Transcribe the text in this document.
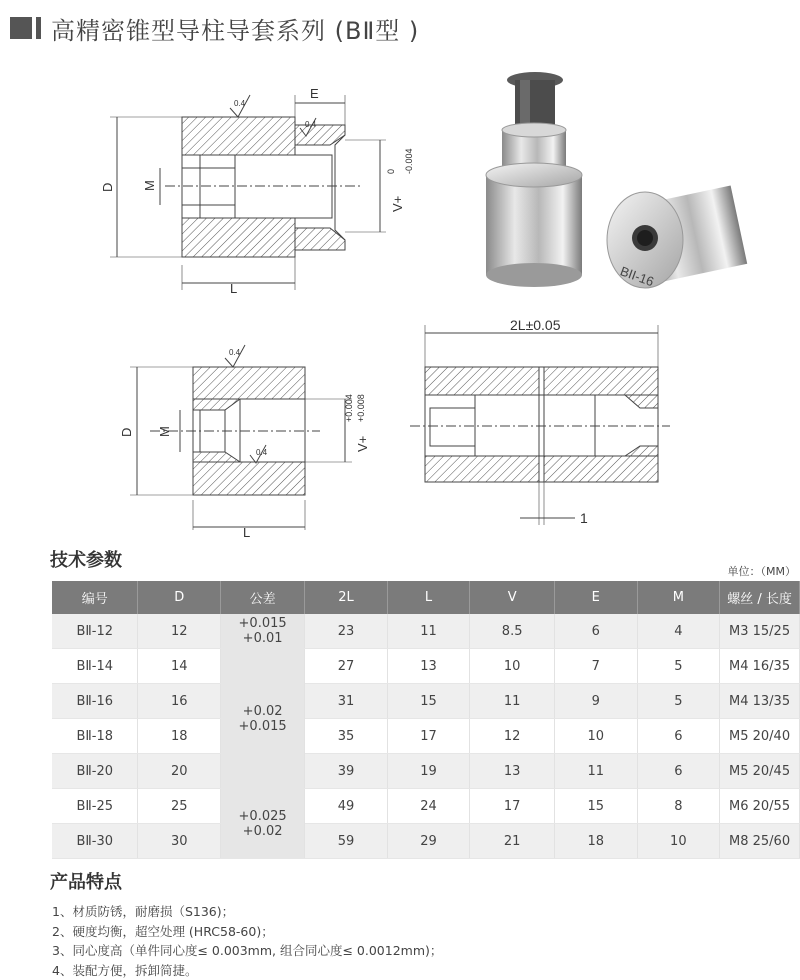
高精密锥型导柱导套系列 (BⅡ型 )
E
D M
L
V+
0 -0.004
0.4
0.4
BII-16
D M
L
V+
+0.004 +0.008
0.4
0.4
2L±0.05
1
技术参数
单位：（MM）
编号	D	公差	2L	L	V	E	M	螺丝 / 长度
BⅡ-12	12	+0.015
+0.01	23	11	8.5	6	4	M3 15/25
BⅡ-14	14	+0.02
+0.015	27	13	10	7	5	M4 16/35
BⅡ-16	16		31	15	11	9	5	M4 13/35
BⅡ-18	18		35	17	12	10	6	M5 20/40
BⅡ-20	20		39	19	13	11	6	M5 20/45
BⅡ-25	25	+0.025
+0.02	49	24	17	15	8	M6 20/55
BⅡ-30	30		59	29	21	18	10	M8 25/60
产品特点
1、材质防锈，耐磨损（S136)；
2、硬度均衡，超空处理 (HRC58-60)；
3、同心度高（单件同心度≤ 0.003mm, 组合同心度≤ 0.0012mm)；
4、装配方便，拆卸简捷。
